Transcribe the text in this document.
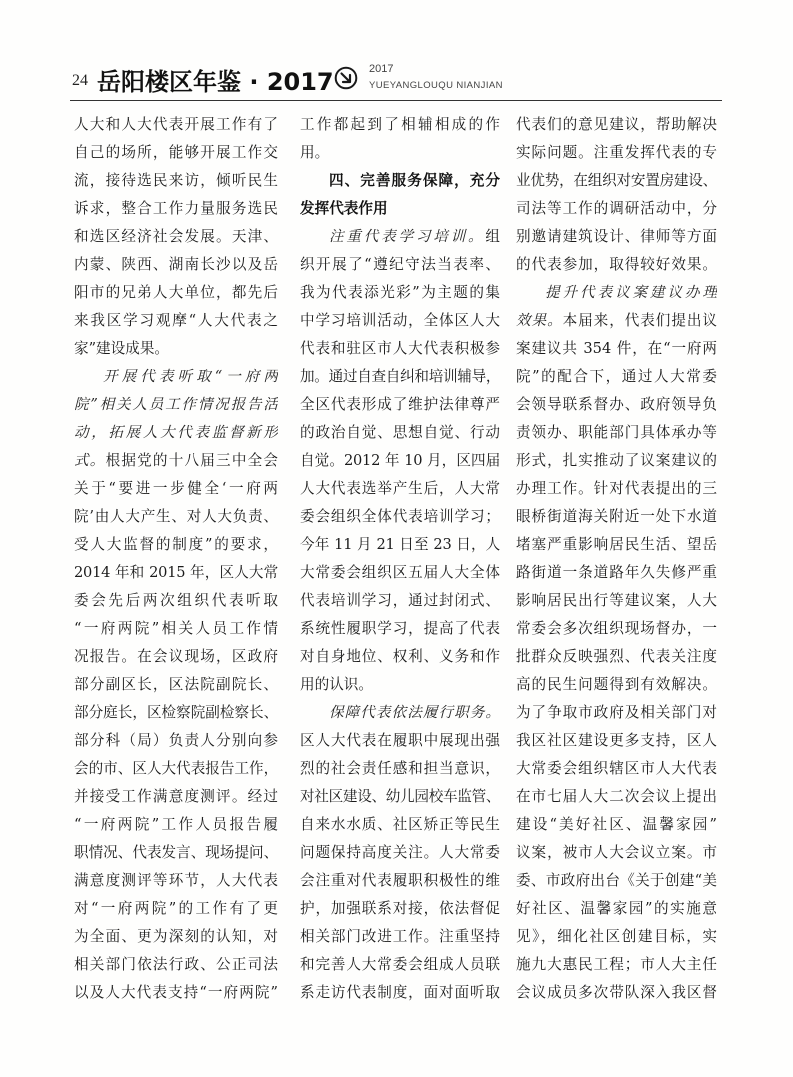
24 岳阳楼区年鉴 · 2017	2017
YUEYANGLOUQU NIANJIAN
人大和人大代表开展工作有了
自己的场所，能够开展工作交
流，接待选民来访，倾听民生
诉求，整合工作力量服务选民
和选区经济社会发展。天津、
内蒙、陕西、湖南长沙以及岳
阳市的兄弟人大单位，都先后
来我区学习观摩“人大代表之
家”建设成果。
开展代表听取“一府两
院”相关人员工作情况报告活
动，拓展人大代表监督新形
式。根据党的十八届三中全会
关于“要进一步健全‘一府两
院’由人大产生、对人大负责、
受人大监督的制度”的要求，
2014 年和 2015 年，区人大常
委会先后两次组织代表听取
“一府两院”相关人员工作情
况报告。在会议现场，区政府
部分副区长，区法院副院长、
部分庭长，区检察院副检察长、
部分科（局）负责人分别向参
会的市、区人大代表报告工作，
并接受工作满意度测评。经过
“一府两院”工作人员报告履
职情况、代表发言、现场提问、
满意度测评等环节，人大代表
对“一府两院”的工作有了更
为全面、更为深刻的认知，对
相关部门依法行政、公正司法
以及人大代表支持“一府两院”
工作都起到了相辅相成的作
用。
四、完善服务保障，充分
发挥代表作用
注重代表学习培训。组
织开展了“遵纪守法当表率、
我为代表添光彩”为主题的集
中学习培训活动，全体区人大
代表和驻区市人大代表积极参
加。通过自查自纠和培训辅导，
全区代表形成了维护法律尊严
的政治自觉、思想自觉、行动
自觉。2012 年 10 月，区四届
人大代表选举产生后，人大常
委会组织全体代表培训学习；
今年 11 月 21 日至 23 日，人
大常委会组织区五届人大全体
代表培训学习，通过封闭式、
系统性履职学习，提高了代表
对自身地位、权利、义务和作
用的认识。
保障代表依法履行职务。
区人大代表在履职中展现出强
烈的社会责任感和担当意识，
对社区建设、幼儿园校车监管、
自来水水质、社区矫正等民生
问题保持高度关注。人大常委
会注重对代表履职积极性的维
护，加强联系对接，依法督促
相关部门改进工作。注重坚持
和完善人大常委会组成人员联
系走访代表制度，面对面听取
代表们的意见建议，帮助解决
实际问题。注重发挥代表的专
业优势，在组织对安置房建设、
司法等工作的调研活动中，分
别邀请建筑设计、律师等方面
的代表参加，取得较好效果。
提升代表议案建议办理
效果。本届来，代表们提出议
案建议共 354 件，在“一府两
院”的配合下，通过人大常委
会领导联系督办、政府领导负
责领办、职能部门具体承办等
形式，扎实推动了议案建议的
办理工作。针对代表提出的三
眼桥街道海关附近一处下水道
堵塞严重影响居民生活、望岳
路街道一条道路年久失修严重
影响居民出行等建议案，人大
常委会多次组织现场督办，一
批群众反映强烈、代表关注度
高的民生问题得到有效解决。
为了争取市政府及相关部门对
我区社区建设更多支持，区人
大常委会组织辖区市人大代表
在市七届人大二次会议上提出
建设“美好社区、温馨家园”
议案，被市人大会议立案。市
委、市政府出台《关于创建“美
好社区、温馨家园”的实施意
见》，细化社区创建目标，实
施九大惠民工程；市人大主任
会议成员多次带队深入我区督
